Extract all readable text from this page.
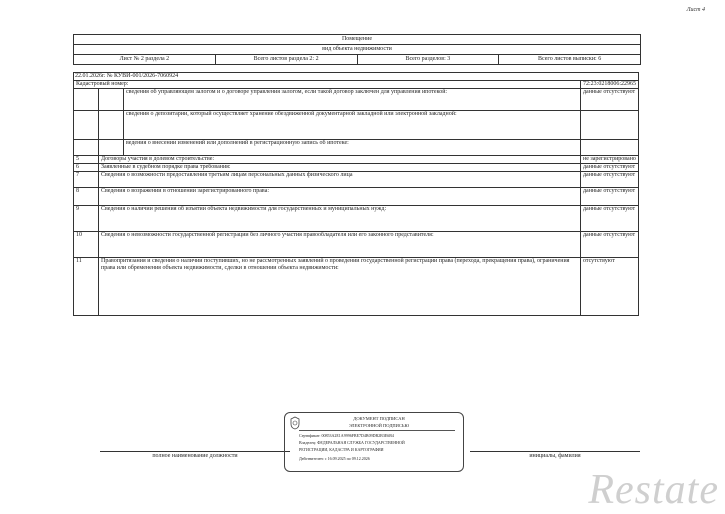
Лист 4
Помещение
вид объекта недвижимости
Лист № 2 раздела 2	Всего листов раздела 2: 2	Всего разделов: 3	Всего листов выписки: 6
22.01.2026г. № КУВИ-001/2026-7060924			
Кадастровый номер:			72:23:0218006:22965
		сведения об управляющем залогом и о договоре управления залогом, если такой договор заключен для управления ипотекой:	данные отсутствуют
		сведения о депозитарии, который осуществляет хранение обездвиженной документарной закладной или электронной закладной:	
		ведения о внесении изменений или дополнений в регистрационную запись об ипотеке:	
5	Договоры участия в долевом строительстве:		не зарегистрировано
6	Заявленные в судебном порядке права требования:		данные отсутствуют
7	Сведения о возможности предоставления третьим лицам персональных данных физического лица		данные отсутствуют
8	Сведения о возражении в отношении зарегистрированного права:		данные отсутствуют
9	Сведения о наличии решения об изъятии объекта недвижимости для государственных и муниципальных нужд:		данные отсутствуют
10	Сведения о невозможности государственной регистрации без личного участия правообладателя или его законного представителя:		данные отсутствуют
11	Правопритязания и сведения о наличии поступивших, но не рассмотренных заявлений о проведении государственной регистрации права (перехода, прекращения права), ограничения права или обременения объекта недвижимости, сделки в отношении объекта недвижимости:		отсутствуют
полное наименование должности	инициалы, фамилия
ДОКУМЕНТ ПОДПИСАН
ЭЛЕКТРОННОЙ ПОДПИСЬЮ
Сертификат: 00853A2E1A9996FBE7D4B09DB2B3E6B4
Владелец: ФЕДЕРАЛЬНАЯ СЛУЖБА ГОСУДАРСТВЕННОЙ
РЕГИСТРАЦИИ, КАДАСТРА И КАРТОГРАФИИ
Действителен: с 16.09.2025 по 09.12.2026
Restate
